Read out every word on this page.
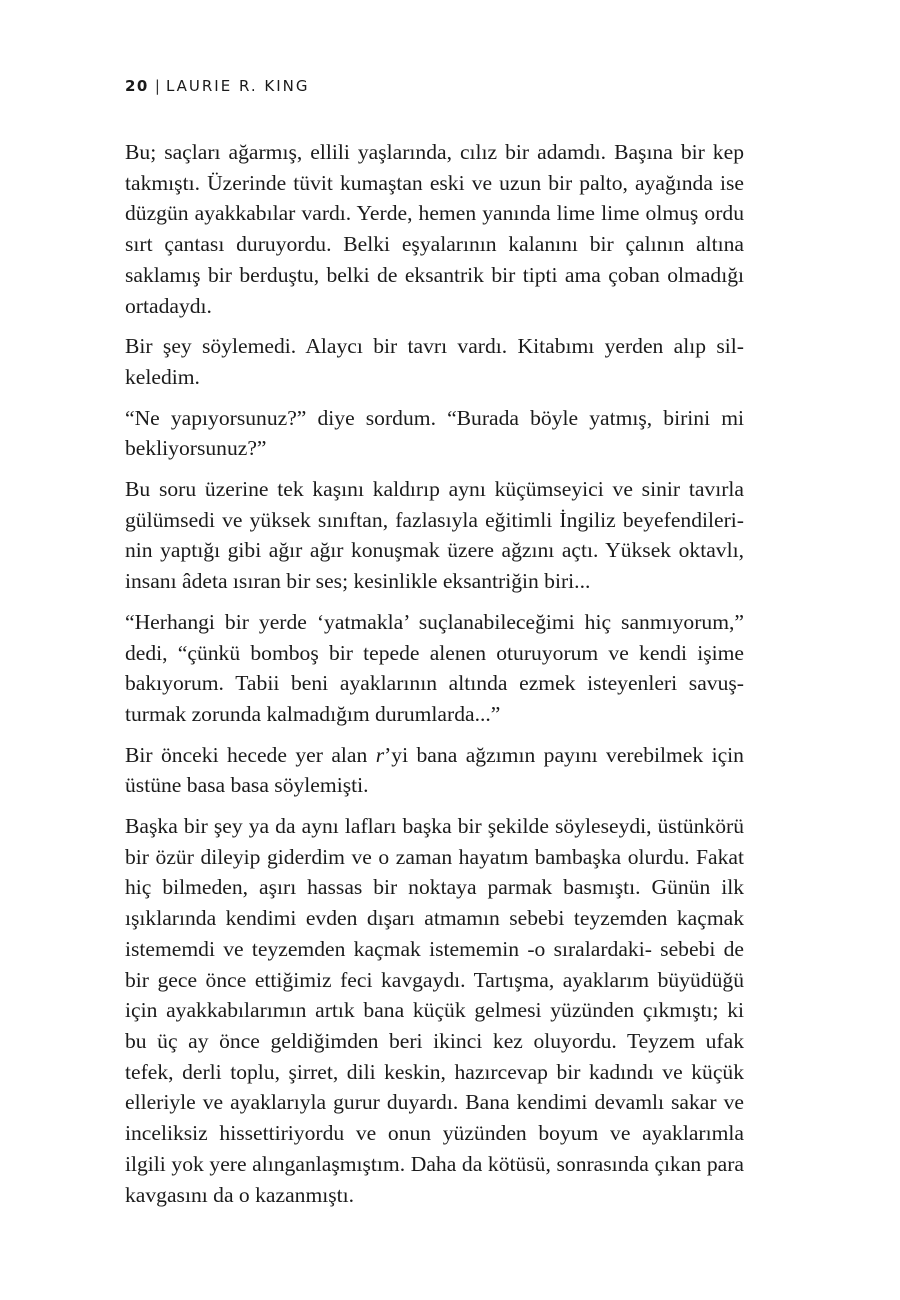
20 | LAURIE R. KING

Bu; saçları ağarmış, ellili yaşlarında, cılız bir adamdı. Başına bir kep takmıştı. Üzerinde tüvit kumaştan eski ve uzun bir palto, ayağında ise düzgün ayakkabılar vardı. Yerde, hemen yanında lime lime olmuş ordu sırt çantası duruyordu. Belki eşyalarının kalanını bir çalının altına saklamış bir berduştu, belki de eksantrik bir tipti ama çoban olmadığı ortadaydı.

Bir şey söylemedi. Alaycı bir tavrı vardı. Kitabımı yerden alıp silkeledim.

“Ne yapıyorsunuz?” diye sordum. “Burada böyle yatmış, birini mi bekliyorsunuz?”

Bu soru üzerine tek kaşını kaldırıp aynı küçümseyici ve sinir tavırla gülümsedi ve yüksek sınıftan, fazlasıyla eğitimli İngiliz beyefendilerinin yaptığı gibi ağır ağır konuşmak üzere ağzını açtı. Yüksek oktavlı, insanı âdeta ısıran bir ses; kesinlikle eksantriğin biri...

“Herhangi bir yerde ‘yatmakla’ suçlanabileceğimi hiç sanmıyorum,” dedi, “çünkü bomboş bir tepede alenen oturuyorum ve kendi işime bakıyorum. Tabii beni ayaklarının altında ezmek isteyenleri savuşturmak zorunda kalmadığım durumlarda...”

Bir önceki hecede yer alan r’yi bana ağzımın payını verebilmek için üstüne basa basa söylemişti.

Başka bir şey ya da aynı lafları başka bir şekilde söyleseydi, üstünkörü bir özür dileyip giderdim ve o zaman hayatım bambaşka olurdu. Fakat hiç bilmeden, aşırı hassas bir noktaya parmak basmıştı. Günün ilk ışıklarında kendimi evden dışarı atmamın sebebi teyzemden kaçmak istememdi ve teyzemden kaçmak istememin -o sıralardaki- sebebi de bir gece önce ettiğimiz feci kavgaydı. Tartışma, ayaklarım büyüdüğü için ayakkabılarımın artık bana küçük gelmesi yüzünden çıkmıştı; ki bu üç ay önce geldiğimden beri ikinci kez oluyordu. Teyzem ufak tefek, derli toplu, şirret, dili keskin, hazırcevap bir kadındı ve küçük elleriyle ve ayaklarıyla gurur duyardı. Bana kendimi devamlı sakar ve inceliksiz hissettiriyordu ve onun yüzünden boyum ve ayaklarımla ilgili yok yere alınganlaşmıştım. Daha da kötüsü, sonrasında çıkan para kavgasını da o kazanmıştı.
